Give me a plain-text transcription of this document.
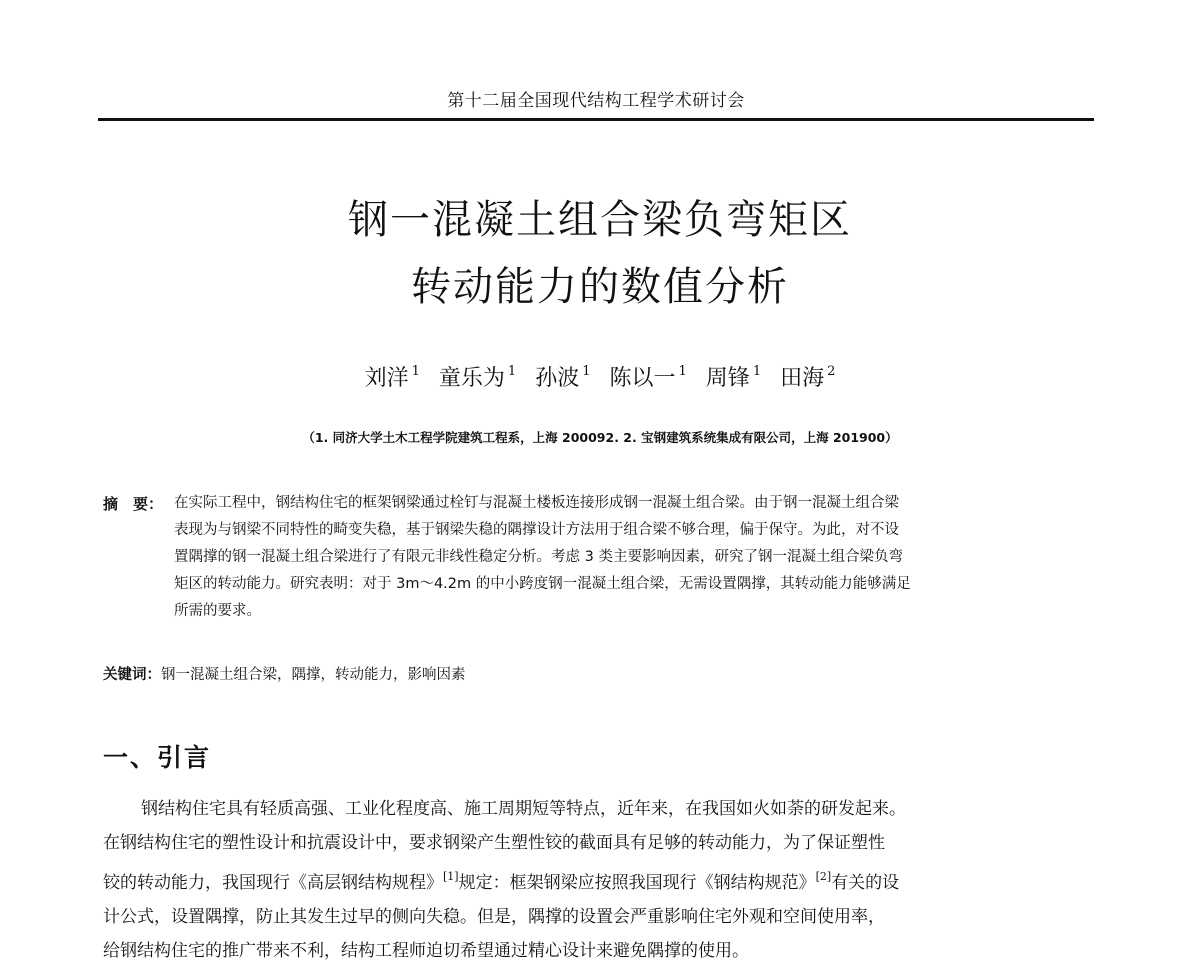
第十二届全国现代结构工程学术研讨会
钢一混凝土组合梁负弯矩区
转动能力的数值分析
刘洋 $^1$ 童乐为 $^1$ 孙波 $^1$ 陈以一 $^1$ 周锋 $^1$ 田海 $^2$
（1. 同济大学土木工程学院建筑工程系，上海 200092. 2. 宝钢建筑系统集成有限公司，上海 201900）
摘　要： 在实际工程中，钢结构住宅的框架钢梁通过栓钉与混凝土楼板连接形成钢一混凝土组合梁。由于钢一混凝土组合梁
表现为与钢梁不同特性的畸变失稳，基于钢梁失稳的隅撑设计方法用于组合梁不够合理，偏于保守。为此，对不设
置隅撑的钢一混凝土组合梁进行了有限元非线性稳定分析。考虑 3 类主要影响因素，研究了钢一混凝土组合梁负弯
矩区的转动能力。研究表明：对于 3m～4.2m 的中小跨度钢一混凝土组合梁，无需设置隅撑，其转动能力能够满足
所需的要求。
关键词：钢一混凝土组合梁，隅撑，转动能力，影响因素
一、引言
钢结构住宅具有轻质高强、工业化程度高、施工周期短等特点，近年来，在我国如火如荼的研发起来。
在钢结构住宅的塑性设计和抗震设计中，要求钢梁产生塑性铰的截面具有足够的转动能力，为了保证塑性
铰的转动能力，我国现行《高层钢结构规程》[1]规定：框架钢梁应按照我国现行《钢结构规范》[2]有关的设
计公式，设置隅撑，防止其发生过早的侧向失稳。但是，隅撑的设置会严重影响住宅外观和空间使用率，
给钢结构住宅的推广带来不利，结构工程师迫切希望通过精心设计来避免隅撑的使用。
